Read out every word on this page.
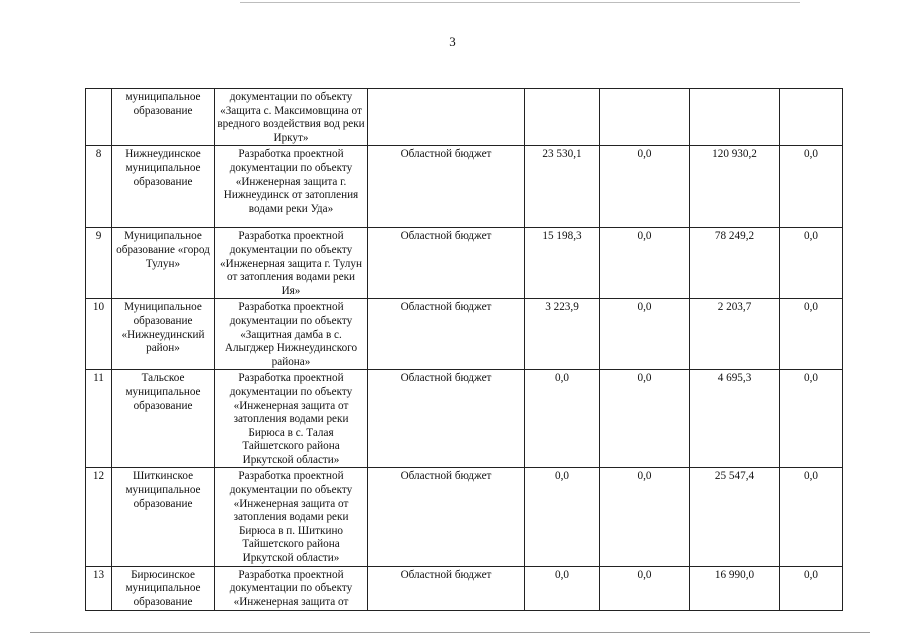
3
	муниципальное образование	документации по объекту «Защита с. Максимовщина от вредного воздействия вод реки Иркут»					
8	Нижнеудинское муниципальное образование	Разработка проектной документации по объекту «Инженерная защита г. Нижнеудинск от затопления водами реки Уда»	Областной бюджет	23 530,1	0,0	120 930,2	0,0
9	Муниципальное образование «город Тулун»	Разработка проектной документации по объекту «Инженерная защита г. Тулун от затопления водами реки Ия»	Областной бюджет	15 198,3	0,0	78 249,2	0,0
10	Муниципальное образование «Нижнеудинский район»	Разработка проектной документации по объекту «Защитная дамба в с. Алыгджер Нижнеудинского района»	Областной бюджет	3 223,9	0,0	2 203,7	0,0
11	Тальское муниципальное образование	Разработка проектной документации по объекту «Инженерная защита от затопления водами реки Бирюса в с. Талая Тайшетского района Иркутской области»	Областной бюджет	0,0	0,0	4 695,3	0,0
12	Шиткинское муниципальное образование	Разработка проектной документации по объекту «Инженерная защита от затопления водами реки Бирюса в п. Шиткино Тайшетского района Иркутской области»	Областной бюджет	0,0	0,0	25 547,4	0,0
13	Бирюсинское муниципальное образование	Разработка проектной документации по объекту «Инженерная защита от	Областной бюджет	0,0	0,0	16 990,0	0,0
